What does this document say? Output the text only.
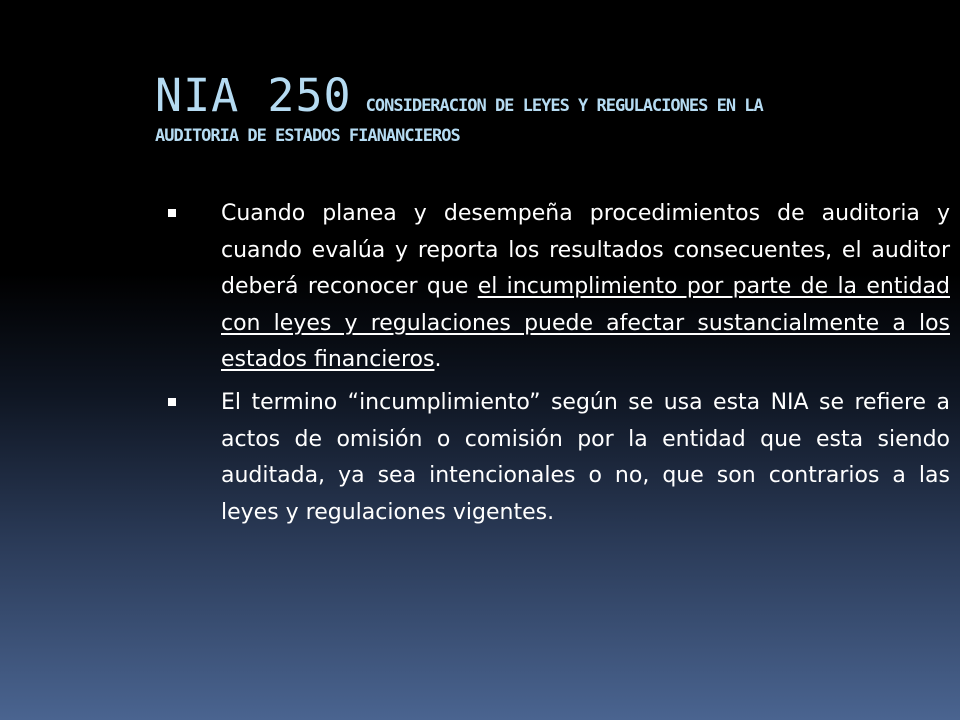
NIA 250 CONSIDERACION DE LEYES Y REGULACIONES EN LA
AUDITORIA DE ESTADOS FIANANCIEROS
Cuando planea y desempeña procedimientos de auditoria y cuando evalúa y reporta los resultados consecuentes, el auditor deberá reconocer que el incumplimiento por parte de la entidad con leyes y regulaciones puede afectar sustancialmente a los estados financieros.
El termino “incumplimiento” según se usa esta NIA se refiere a actos de omisión o comisión por la entidad que esta siendo auditada, ya sea intencionales o no, que son contrarios a las leyes y regulaciones vigentes.
